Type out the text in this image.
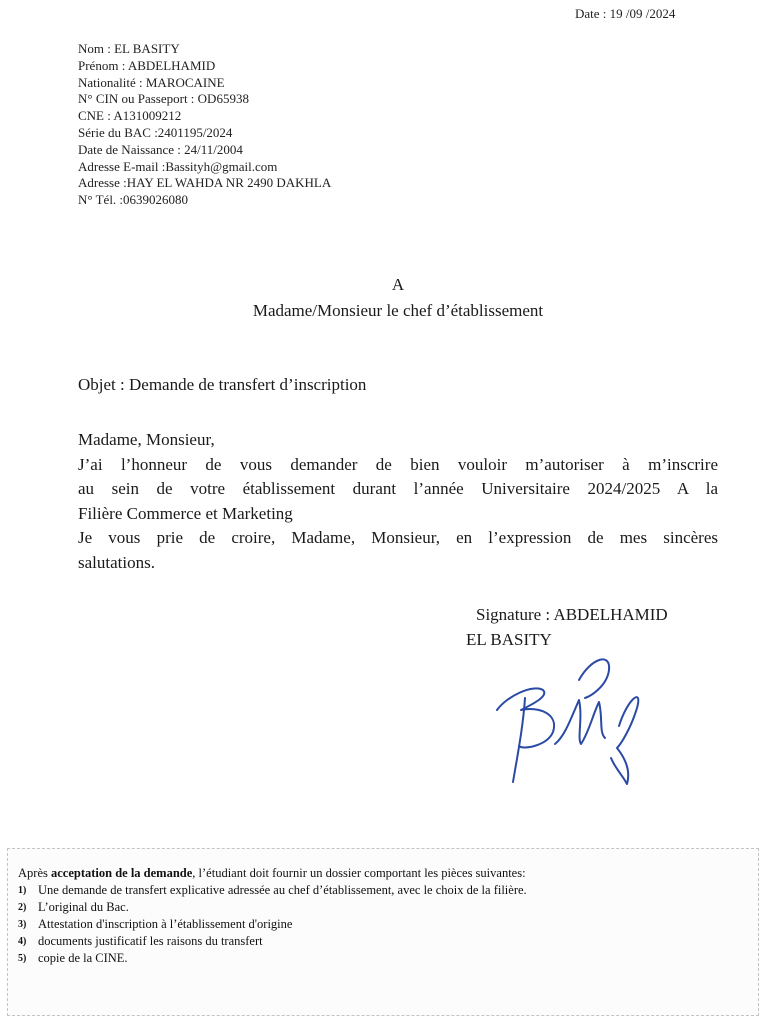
Date : 19 /09 /2024
Nom : EL BASITY
Prénom : ABDELHAMID
Nationalité : MAROCAINE
N° CIN ou Passeport : OD65938
CNE : A131009212
Série du BAC :2401195/2024
Date de Naissance : 24/11/2004
Adresse E-mail :Bassityh@gmail.com
Adresse :HAY EL WAHDA NR 2490 DAKHLA
N° Tél. :0639026080
A
Madame/Monsieur le chef d’établissement
Objet : Demande de transfert d’inscription
Madame, Monsieur,
J’ai l’honneur de vous demander de bien vouloir m’autoriser à m’inscrire
au sein de votre établissement durant l’année Universitaire 2024/2025 A la
Filière Commerce et Marketing
Je vous prie de croire, Madame, Monsieur, en l’expression de mes sincères
salutations.
Signature : ABDELHAMID
EL BASITY
Après acceptation de la demande, l’étudiant doit fournir un dossier comportant les pièces suivantes:
1) Une demande de transfert explicative adressée au chef d’établissement, avec le choix de la filière.
2) L’original du Bac.
3) Attestation d'inscription à l’établissement d'origine
4) documents justificatif les raisons du transfert
5) copie de la CINE.
